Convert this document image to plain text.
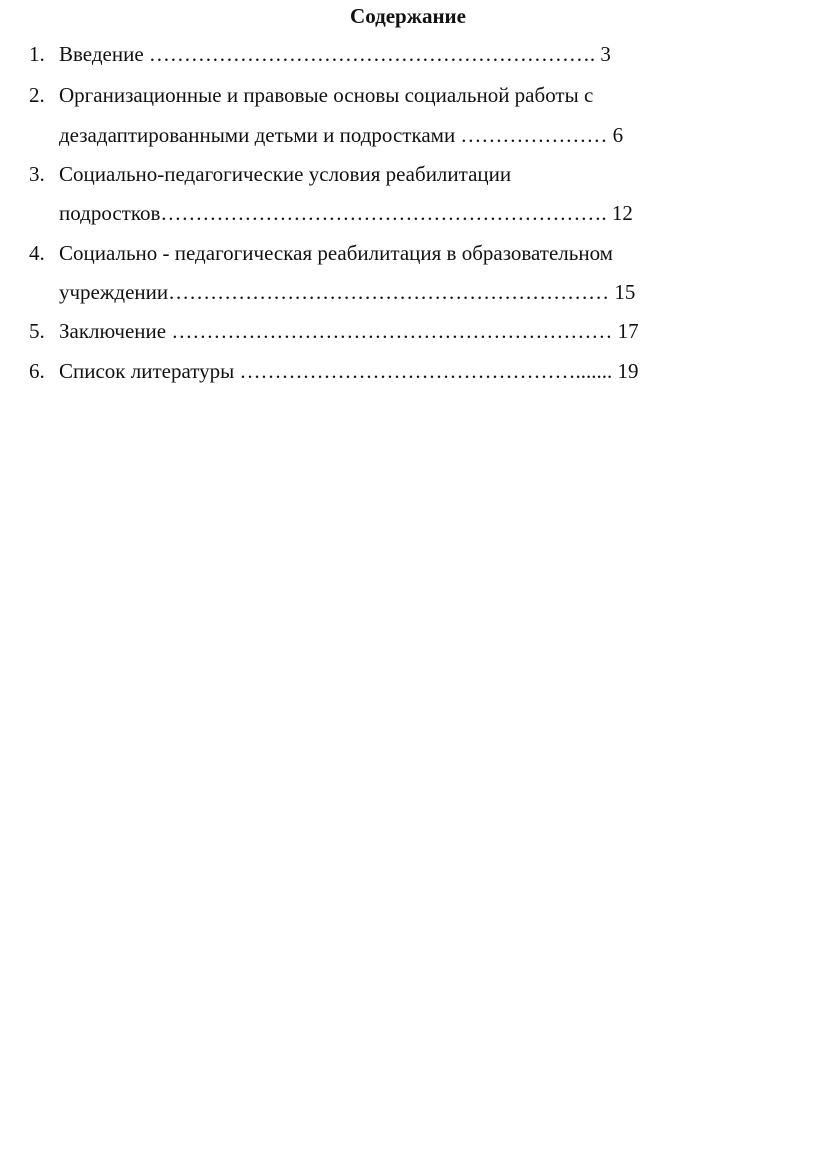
Содержание
1. Введение ………………………………………………………. 3
2. Организационные и правовые основы социальной работы с
дезадаптированными детьми и подростками ………………… 6
3. Социально-педагогические условия реабилитации
подростков………………………………………………………. 12
4. Социально - педагогическая реабилитация в образовательном
учреждении……………………………………………………… 15
5. Заключение ……………………………………………………… 17
6. Список литературы …………………………………………....... 19
